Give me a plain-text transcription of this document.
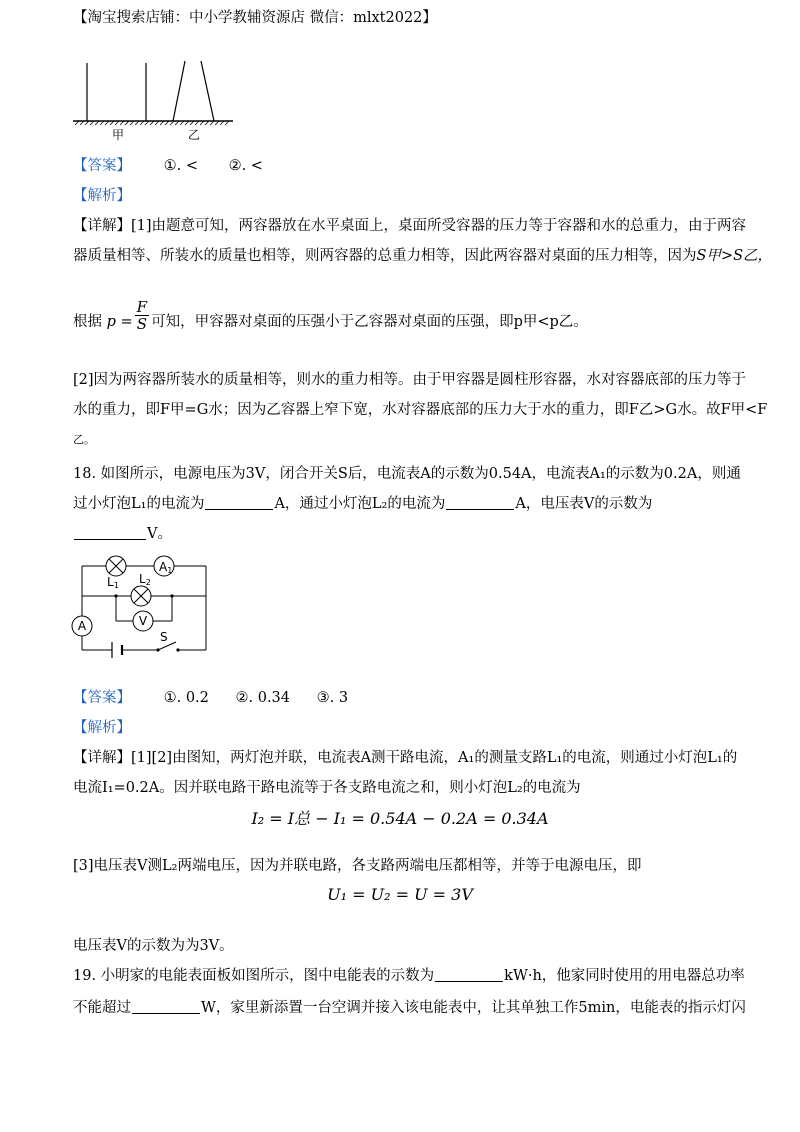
【淘宝搜索店铺：中小学教辅资源店 微信：mlxt2022】
甲	乙
【答案】 ①. < ②. <
【解析】
【详解】[1]由题意可知，两容器放在水平桌面上，桌面所受容器的压力等于容器和水的总重力，由于两容
器质量相等、所装水的质量也相等，则两容器的总重力相等，因此两容器对桌面的压力相等，因为S甲>S乙，
根据 $p = \frac{F}{S}$ 可知，甲容器对桌面的压强小于乙容器对桌面的压强，即p甲<p乙。
[2]因为两容器所装水的质量相等，则水的重力相等。由于甲容器是圆柱形容器，水对容器底部的压力等于
水的重力，即F甲=G水；因为乙容器上窄下宽，水对容器底部的压力大于水的重力，即F乙>G水。故F甲<F
乙。
18. 如图所示，电源电压为3V，闭合开关S后，电流表A的示数为0.54A，电流表A₁的示数为0.2A，则通
过小灯泡L₁的电流为	A，通过小灯泡L₂的电流为	A，电压表V的示数为
V。
A1
L1 L2
V
A
S
【答案】 ①. 0.2 ②. 0.34 ③. 3
【解析】
【详解】[1][2]由图知，两灯泡并联，电流表A测干路电流，A₁的测量支路L₁的电流，则通过小灯泡L₁的
电流I₁=0.2A。因并联电路干路电流等于各支路电流之和，则小灯泡L₂的电流为
I₂ = I总 − I₁ = 0.54A − 0.2A = 0.34A
[3]电压表V测L₂两端电压，因为并联电路，各支路两端电压都相等，并等于电源电压，即
U₁ = U₂ = U = 3V
电压表V的示数为为3V。
19. 小明家的电能表面板如图所示，图中电能表的示数为	kW·h，他家同时使用的用电器总功率
不能超过	W，家里新添置一台空调并接入该电能表中，让其单独工作5min，电能表的指示灯闪
